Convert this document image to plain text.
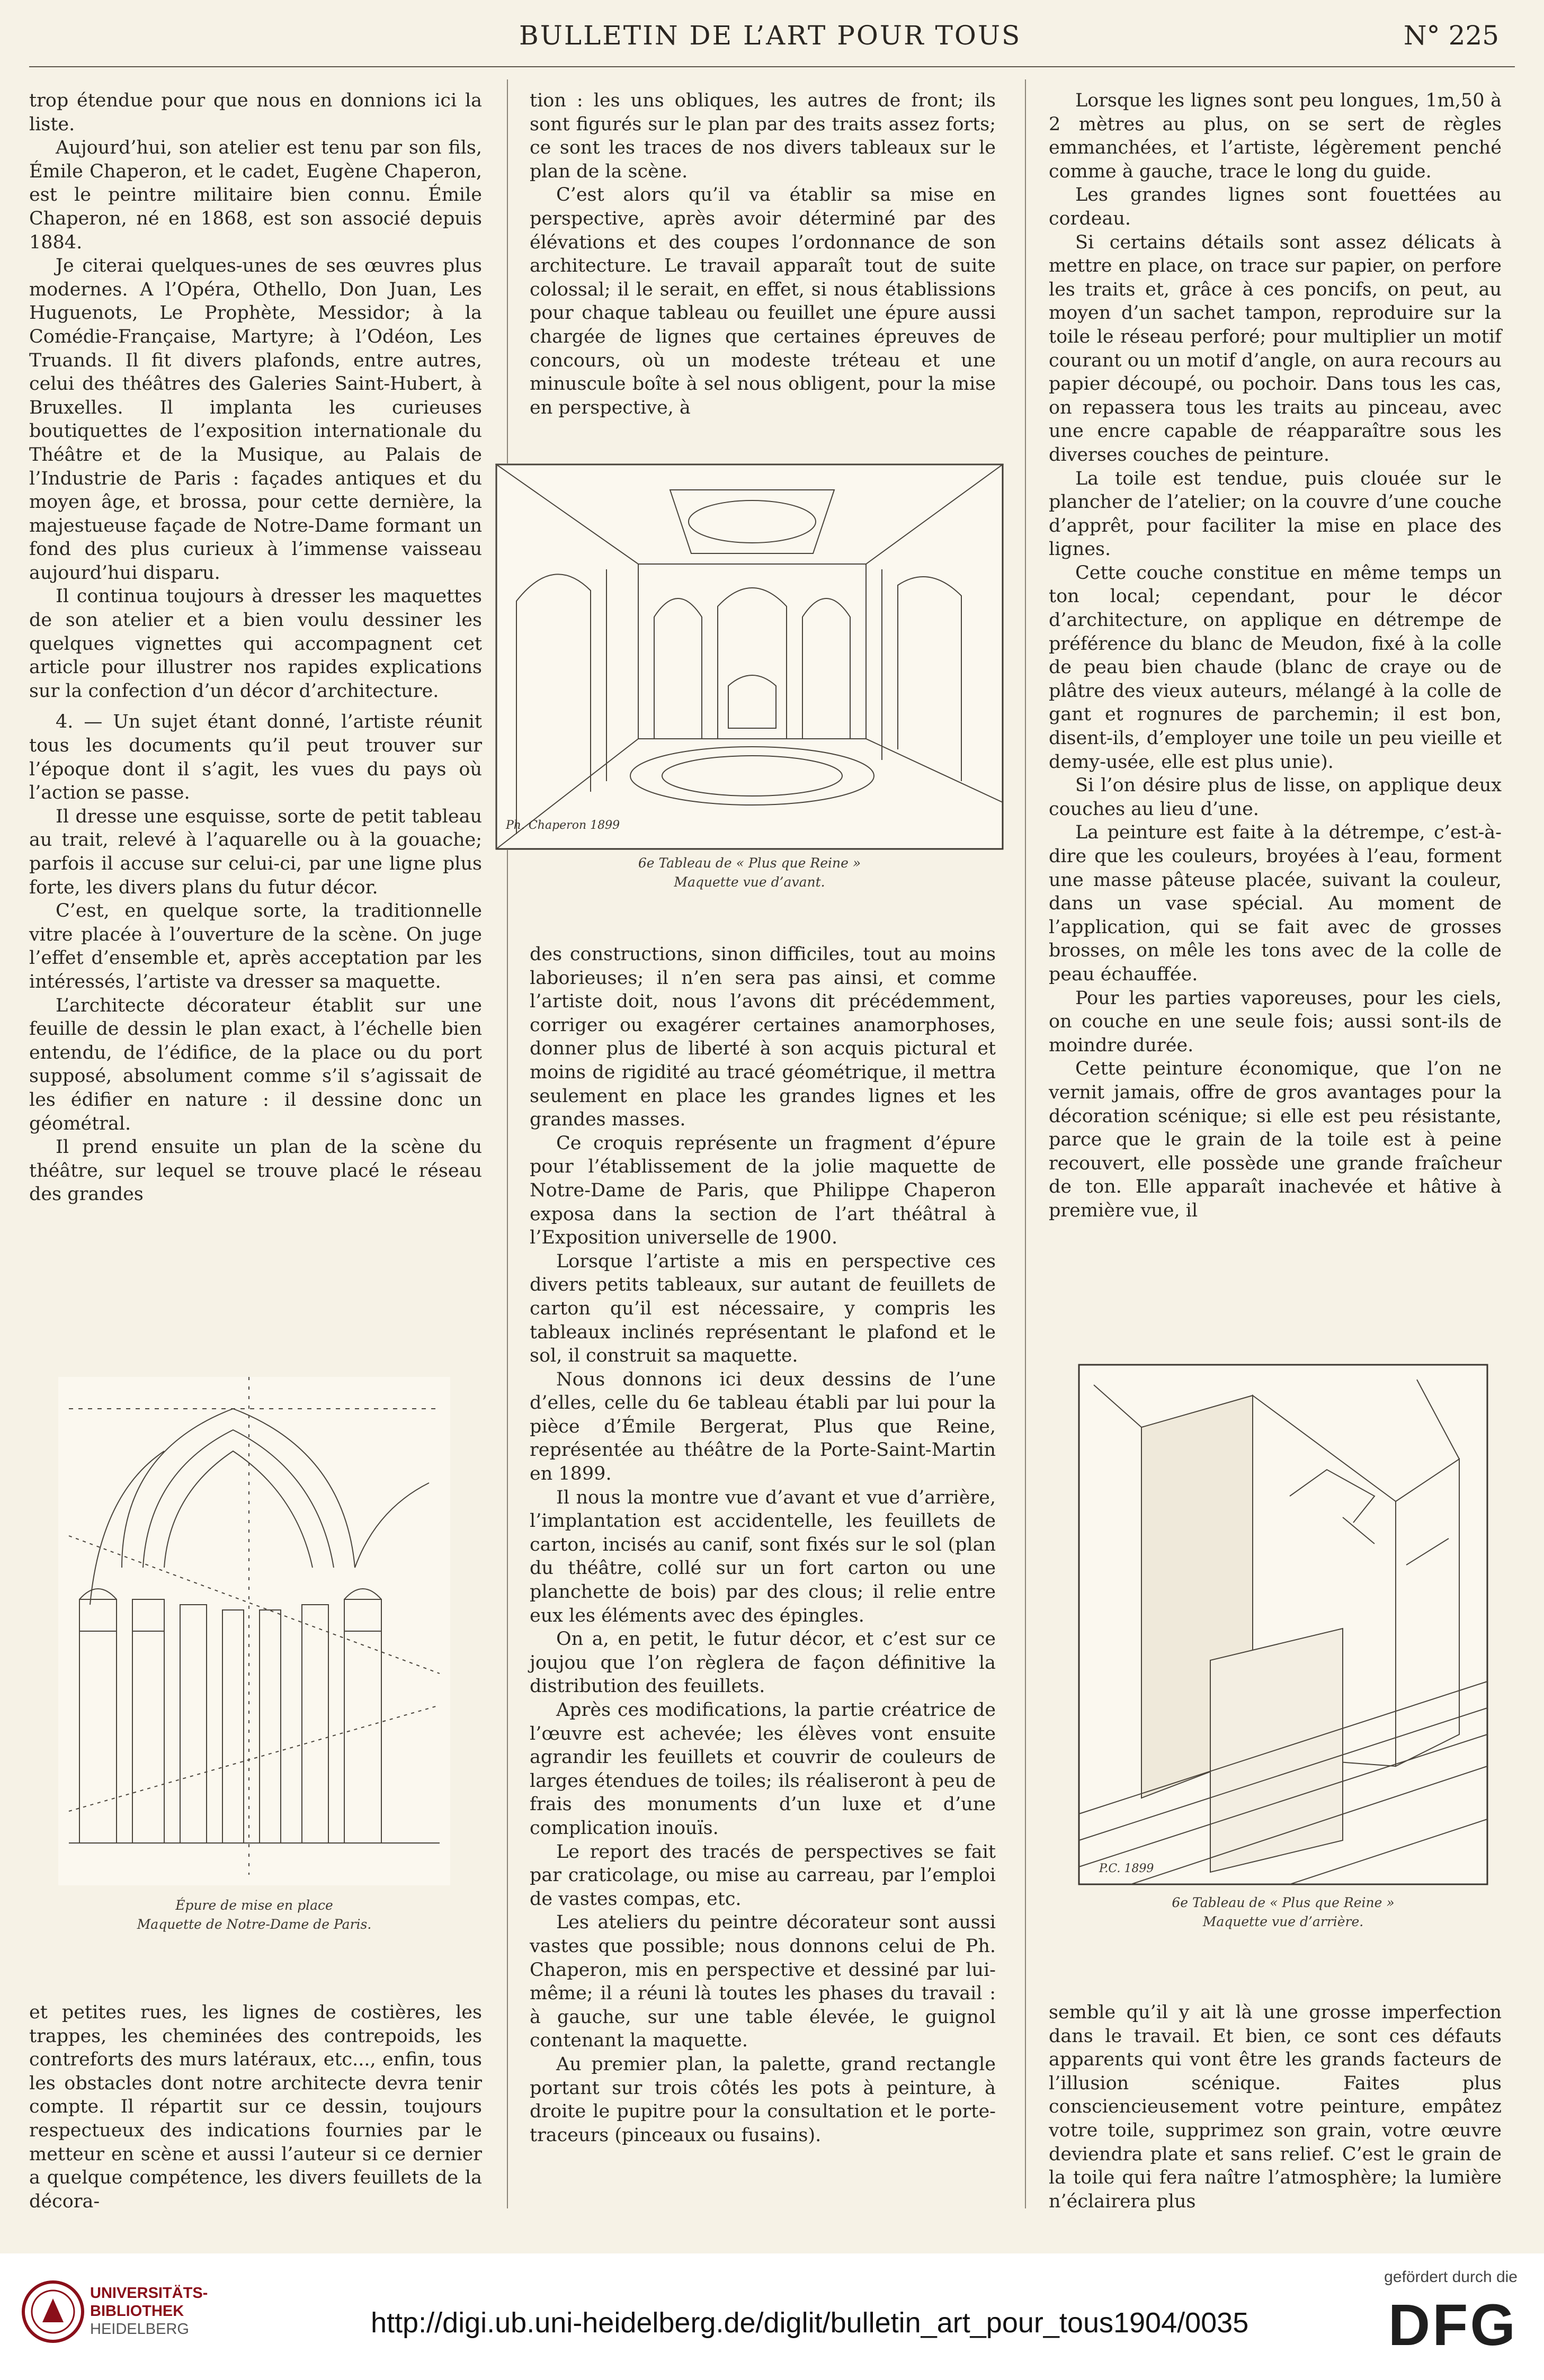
BULLETIN DE L’ART POUR TOUS	N° 225

trop étendue pour que nous en donnions ici la liste.

Aujourd’hui, son atelier est tenu par son fils, Émile Chaperon, et le cadet, Eugène Chaperon, est le peintre militaire bien connu. Émile Chaperon, né en 1868, est son associé depuis 1884.

Je citerai quelques-unes de ses œuvres plus modernes. A l’Opéra, Othello, Don Juan, Les Huguenots, Le Prophète, Messidor; à la Comédie-Française, Martyre; à l’Odéon, Les Truands. Il fit divers plafonds, entre autres, celui des théâtres des Galeries Saint-Hubert, à Bruxelles. Il implanta les curieuses boutiquettes de l’exposition internationale du Théâtre et de la Musique, au Palais de l’Industrie de Paris : façades antiques et du moyen âge, et brossa, pour cette dernière, la majestueuse façade de Notre-Dame formant un fond des plus curieux à l’immense vaisseau aujourd’hui disparu.

Il continua toujours à dresser les maquettes de son atelier et a bien voulu dessiner les quelques vignettes qui accompagnent cet article pour illustrer nos rapides explications sur la confection d’un décor d’architecture.

4. — Un sujet étant donné, l’artiste réunit tous les documents qu’il peut trouver sur l’époque dont il s’agit, les vues du pays où l’action se passe.

Il dresse une esquisse, sorte de petit tableau au trait, relevé à l’aquarelle ou à la gouache; parfois il accuse sur celui-ci, par une ligne plus forte, les divers plans du futur décor.

C’est, en quelque sorte, la traditionnelle vitre placée à l’ouverture de la scène. On juge l’effet d’ensemble et, après acceptation par les intéressés, l’artiste va dresser sa maquette.

L’architecte décorateur établit sur une feuille de dessin le plan exact, à l’échelle bien entendu, de l’édifice, de la place ou du port supposé, absolument comme s’il s’agissait de les édifier en nature : il dessine donc un géométral.

Il prend ensuite un plan de la scène du théâtre, sur lequel se trouve placé le réseau des grandes

Épure de mise en place
Maquette de Notre-Dame de Paris.

et petites rues, les lignes de costières, les trappes, les cheminées des contrepoids, les contreforts des murs latéraux, etc..., enfin, tous les obstacles dont notre architecte devra tenir compte. Il répartit sur ce dessin, toujours respectueux des indications fournies par le metteur en scène et aussi l’auteur si ce dernier a quelque compétence, les divers feuillets de la décora-

tion : les uns obliques, les autres de front; ils sont figurés sur le plan par des traits assez forts; ce sont les traces de nos divers tableaux sur le plan de la scène.

C’est alors qu’il va établir sa mise en perspective, après avoir déterminé par des élévations et des coupes l’ordonnance de son architecture. Le travail apparaît tout de suite colossal; il le serait, en effet, si nous établissions pour chaque tableau ou feuillet une épure aussi chargée de lignes que certaines épreuves de concours, où un modeste tréteau et une minuscule boîte à sel nous obligent, pour la mise en perspective, à

Ph. Chaperon 1899
6e Tableau de « Plus que Reine »
Maquette vue d’avant.

des constructions, sinon difficiles, tout au moins laborieuses; il n’en sera pas ainsi, et comme l’artiste doit, nous l’avons dit précédemment, corriger ou exagérer certaines anamorphoses, donner plus de liberté à son acquis pictural et moins de rigidité au tracé géométrique, il mettra seulement en place les grandes lignes et les grandes masses.

Ce croquis représente un fragment d’épure pour l’établissement de la jolie maquette de Notre-Dame de Paris, que Philippe Chaperon exposa dans la section de l’art théâtral à l’Exposition universelle de 1900.

Lorsque l’artiste a mis en perspective ces divers petits tableaux, sur autant de feuillets de carton qu’il est nécessaire, y compris les tableaux inclinés représentant le plafond et le sol, il construit sa maquette.

Nous donnons ici deux dessins de l’une d’elles, celle du 6e tableau établi par lui pour la pièce d’Émile Bergerat, Plus que Reine, représentée au théâtre de la Porte-Saint-Martin en 1899.

Il nous la montre vue d’avant et vue d’arrière, l’implantation est accidentelle, les feuillets de carton, incisés au canif, sont fixés sur le sol (plan du théâtre, collé sur un fort carton ou une planchette de bois) par des clous; il relie entre eux les éléments avec des épingles.

On a, en petit, le futur décor, et c’est sur ce joujou que l’on règlera de façon définitive la distribution des feuillets.

Après ces modifications, la partie créatrice de l’œuvre est achevée; les élèves vont ensuite agrandir les feuillets et couvrir de couleurs de larges étendues de toiles; ils réaliseront à peu de frais des monuments d’un luxe et d’une complication inouïs.

Le report des tracés de perspectives se fait par craticolage, ou mise au carreau, par l’emploi de vastes compas, etc.

Les ateliers du peintre décorateur sont aussi vastes que possible; nous donnons celui de Ph. Chaperon, mis en perspective et dessiné par lui-même; il a réuni là toutes les phases du travail : à gauche, sur une table élevée, le guignol contenant la maquette.

Au premier plan, la palette, grand rectangle portant sur trois côtés les pots à peinture, à droite le pupitre pour la consultation et le porte-traceurs (pinceaux ou fusains).

Lorsque les lignes sont peu longues, 1m,50 à 2 mètres au plus, on se sert de règles emmanchées, et l’artiste, légèrement penché comme à gauche, trace le long du guide.

Les grandes lignes sont fouettées au cordeau.

Si certains détails sont assez délicats à mettre en place, on trace sur papier, on perfore les traits et, grâce à ces poncifs, on peut, au moyen d’un sachet tampon, reproduire sur la toile le réseau perforé; pour multiplier un motif courant ou un motif d’angle, on aura recours au papier découpé, ou pochoir. Dans tous les cas, on repassera tous les traits au pinceau, avec une encre capable de réapparaître sous les diverses couches de peinture.

La toile est tendue, puis clouée sur le plancher de l’atelier; on la couvre d’une couche d’apprêt, pour faciliter la mise en place des lignes.

Cette couche constitue en même temps un ton local; cependant, pour le décor d’architecture, on applique en détrempe de préférence du blanc de Meudon, fixé à la colle de peau bien chaude (blanc de craye ou de plâtre des vieux auteurs, mélangé à la colle de gant et rognures de parchemin; il est bon, disent-ils, d’employer une toile un peu vieille et demy-usée, elle est plus unie).

Si l’on désire plus de lisse, on applique deux couches au lieu d’une.

La peinture est faite à la détrempe, c’est-à-dire que les couleurs, broyées à l’eau, forment une masse pâteuse placée, suivant la couleur, dans un vase spécial. Au moment de l’application, qui se fait avec de grosses brosses, on mêle les tons avec de la colle de peau échauffée.

Pour les parties vaporeuses, pour les ciels, on couche en une seule fois; aussi sont-ils de moindre durée.

Cette peinture économique, que l’on ne vernit jamais, offre de gros avantages pour la décoration scénique; si elle est peu résistante, parce que le grain de la toile est à peine recouvert, elle possède une grande fraîcheur de ton. Elle apparaît inachevée et hâtive à première vue, il

P.C. 1899
6e Tableau de « Plus que Reine »
Maquette vue d’arrière.

semble qu’il y ait là une grosse imperfection dans le travail. Et bien, ce sont ces défauts apparents qui vont être les grands facteurs de l’illusion scénique. Faites plus consciencieusement votre peinture, empâtez votre toile, supprimez son grain, votre œuvre deviendra plate et sans relief. C’est le grain de la toile qui fera naître l’atmosphère; la lumière n’éclairera plus

UNIVERSITÄTS-
BIBLIOTHEK
HEIDELBERG	http://digi.ub.uni-heidelberg.de/diglit/bulletin_art_pour_tous1904/0035
gefördert durch die
DFG
